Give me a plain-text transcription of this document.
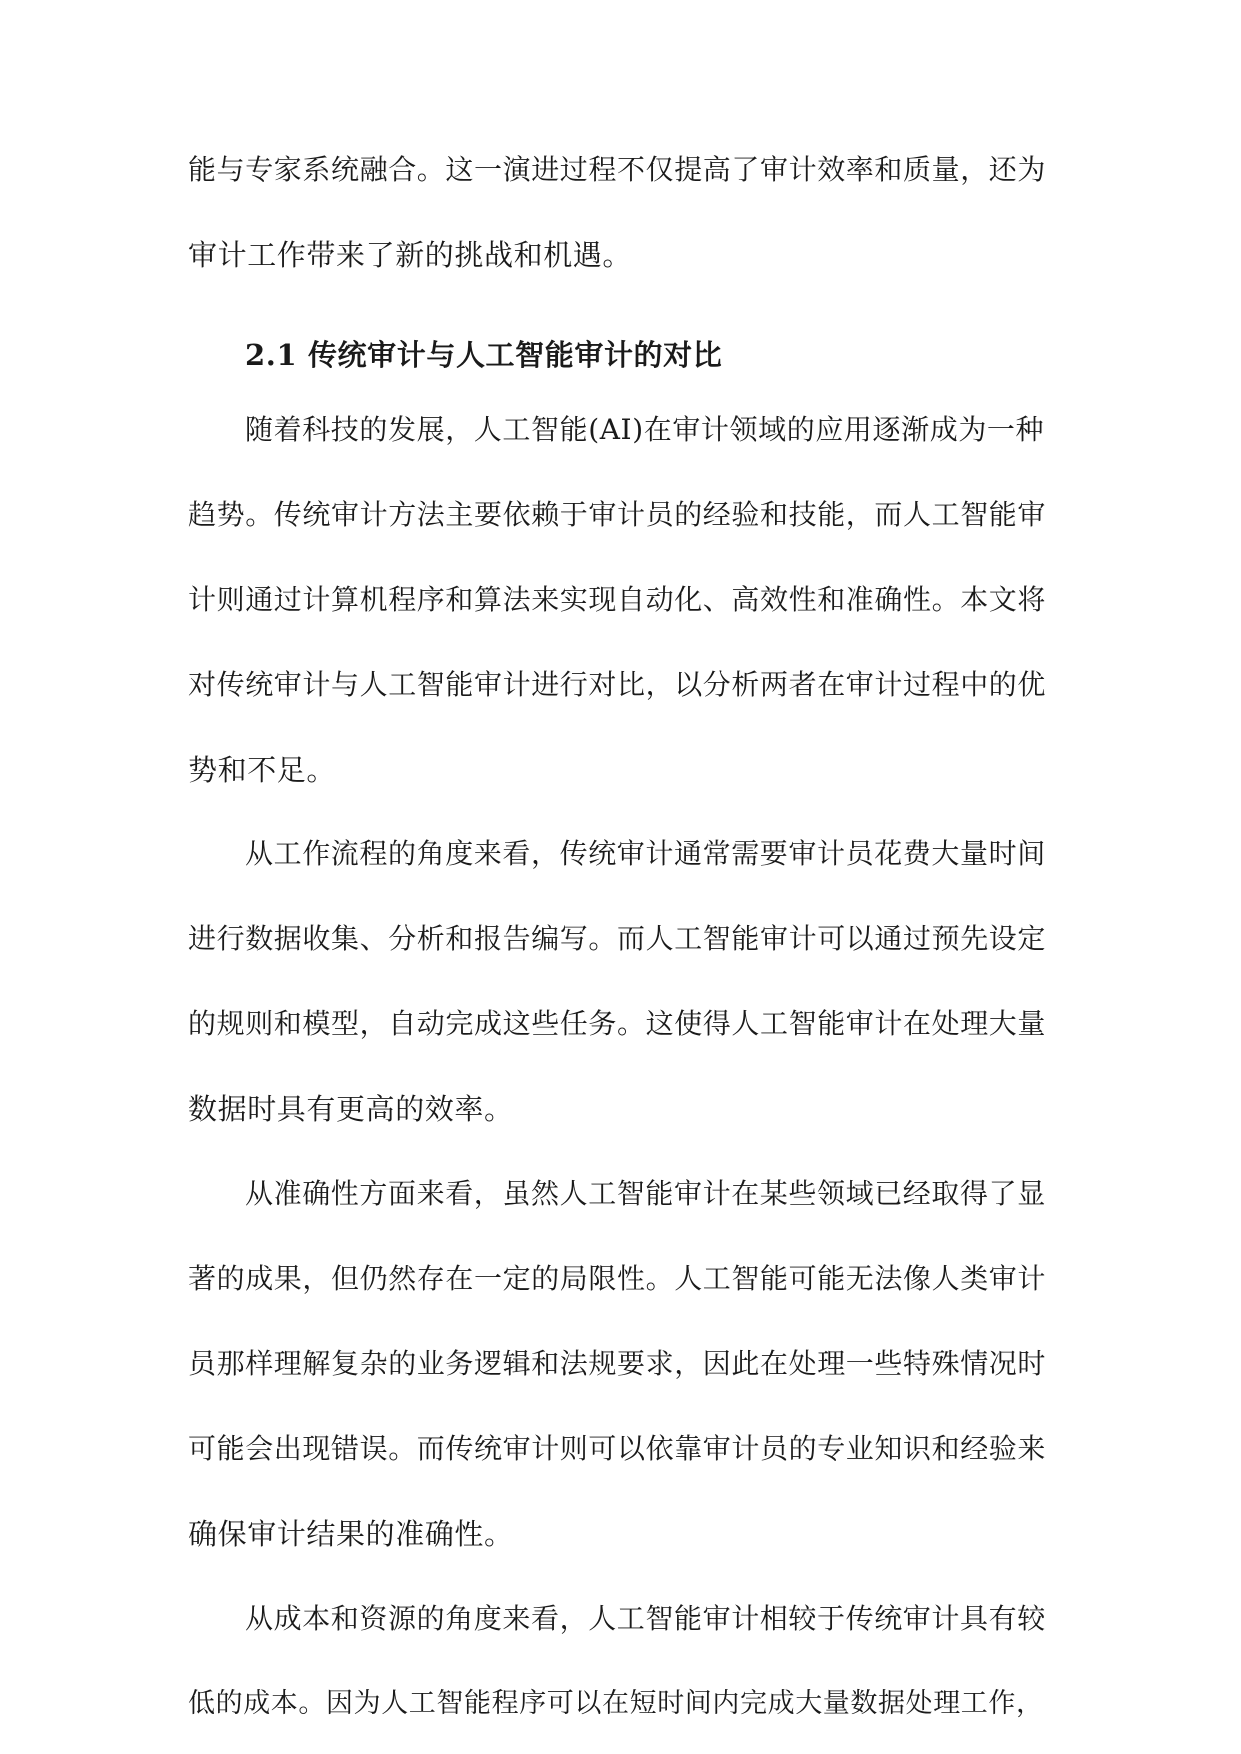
能与专家系统融合。这一演进过程不仅提高了审计效率和质量，还为
审计工作带来了新的挑战和机遇。
2.1 传统审计与人工智能审计的对比
随着科技的发展，人工智能(AI)在审计领域的应用逐渐成为一种
趋势。传统审计方法主要依赖于审计员的经验和技能，而人工智能审
计则通过计算机程序和算法来实现自动化、高效性和准确性。本文将
对传统审计与人工智能审计进行对比，以分析两者在审计过程中的优
势和不足。
从工作流程的角度来看，传统审计通常需要审计员花费大量时间
进行数据收集、分析和报告编写。而人工智能审计可以通过预先设定
的规则和模型，自动完成这些任务。这使得人工智能审计在处理大量
数据时具有更高的效率。
从准确性方面来看，虽然人工智能审计在某些领域已经取得了显
著的成果，但仍然存在一定的局限性。人工智能可能无法像人类审计
员那样理解复杂的业务逻辑和法规要求，因此在处理一些特殊情况时
可能会出现错误。而传统审计则可以依靠审计员的专业知识和经验来
确保审计结果的准确性。
从成本和资源的角度来看，人工智能审计相较于传统审计具有较
低的成本。因为人工智能程序可以在短时间内完成大量数据处理工作，
